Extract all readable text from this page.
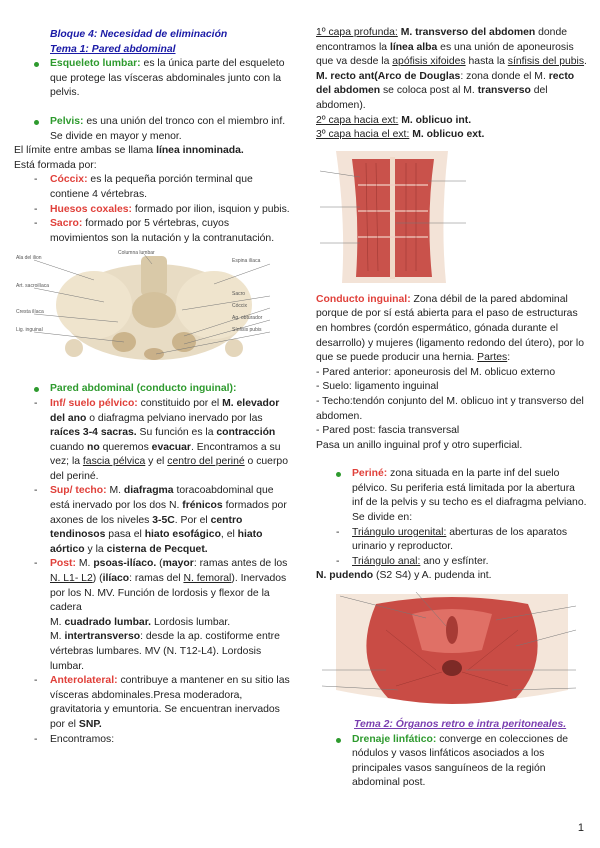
Bloque 4: Necesidad de eliminación

Tema 1: Pared abdominal

Esqueleto lumbar: es la única parte del esqueleto que protege las vísceras abdominales junto con la pelvis.
Pelvis: es una unión del tronco con el miembro inf. Se divide en mayor y menor.

El límite entre ambas se llama línea innominada.

Está formada por:

- Cóccix: es la pequeña porción terminal que contiene 4 vértebras.
- Huesos coxales: formado por ilion, isquion y pubis.
- Sacro: formado por 5 vértebras, cuyos movimientos son la nutación y la contranutación.
Ala del ilion
Art. sacroilíaca
Cresta ilíaca
Lig. inguinal
Columna lumbar
Espina ilíaca
Sacro
Cóccix
Ag. obturador
Sínfisis pubis
Pared abdominal (conducto inguinal):
- Inf/ suelo pélvico: constituido por el M. elevador del ano o diafragma pelviano inervado por las raíces 3-4 sacras. Su función es la contracción cuando no queremos evacuar. Encontramos a su vez; la fascia pélvica y el centro del periné o cuerpo del periné.
- Sup/ techo: M. diafragma toracoabdominal que está inervado por los dos N. frénicos formados por axones de los niveles 3-5C. Por el centro tendinosos pasa el hiato esofágico, el hiato aórtico y la cisterna de Pecquet.
- Post: M. psoas-ilíaco. (mayor: ramas antes de los N. L1- L2) (ilíaco: ramas del N. femoral). Inervados por los N. MV. Función de lordosis y flexor de la cadera
M. cuadrado lumbar. Lordosis lumbar.
M. intertransverso: desde la ap. costiforme entre vértebras lumbares. MV (N. T12-L4). Lordosis lumbar.
- Anterolateral: contribuye a mantener en su sitio las vísceras abdominales.Presa moderadora, gravitatoria y emuntoria. Se encuentran inervados por el SNP.
- Encontramos:

1º capa profunda: M. transverso del abdomen donde encontramos la línea alba es una unión de aponeurosis que va desde la apófisis xifoides hasta la sínfisis del pubis. M. recto ant(Arco de Douglas: zona donde el M. recto del abdomen se coloca post al M. transverso del abdomen).

2º capa hacia ext: M. oblicuo int.

3º capa hacia el ext: M. oblicuo ext.

Conducto inguinal: Zona débil de la pared abdominal porque de por sí está abierta para el paso de estructuras en hombres (cordón espermático, gónada durante el desarrollo) y mujeres (ligamento redondo del útero), por lo que se puede producir una hernia. Partes:

- Pared anterior: aponeurosis del M. oblicuo externo

- Suelo: ligamento inguinal

- Techo:tendón conjunto del M. oblicuo int y transverso del abdomen.

- Pared post: fascia transversal

Pasa un anillo inguinal prof y otro superficial.

Periné: zona situada en la parte inf del suelo pélvico. Su periferia está limitada por la abertura inf de la pelvis y su techo es el diafragma pelviano. Se divide en:
- Triángulo urogenital: aberturas de los aparatos urinario y reproductor.
- Triángulo anal: ano y esfínter.

N. pudendo (S2 S4) y A. pudenda int.

Tema 2: Órganos retro e intra peritoneales.

Drenaje linfático: converge en colecciones de nódulos y vasos linfáticos asociados a los principales vasos sanguíneos de la región abdominal post.
1
